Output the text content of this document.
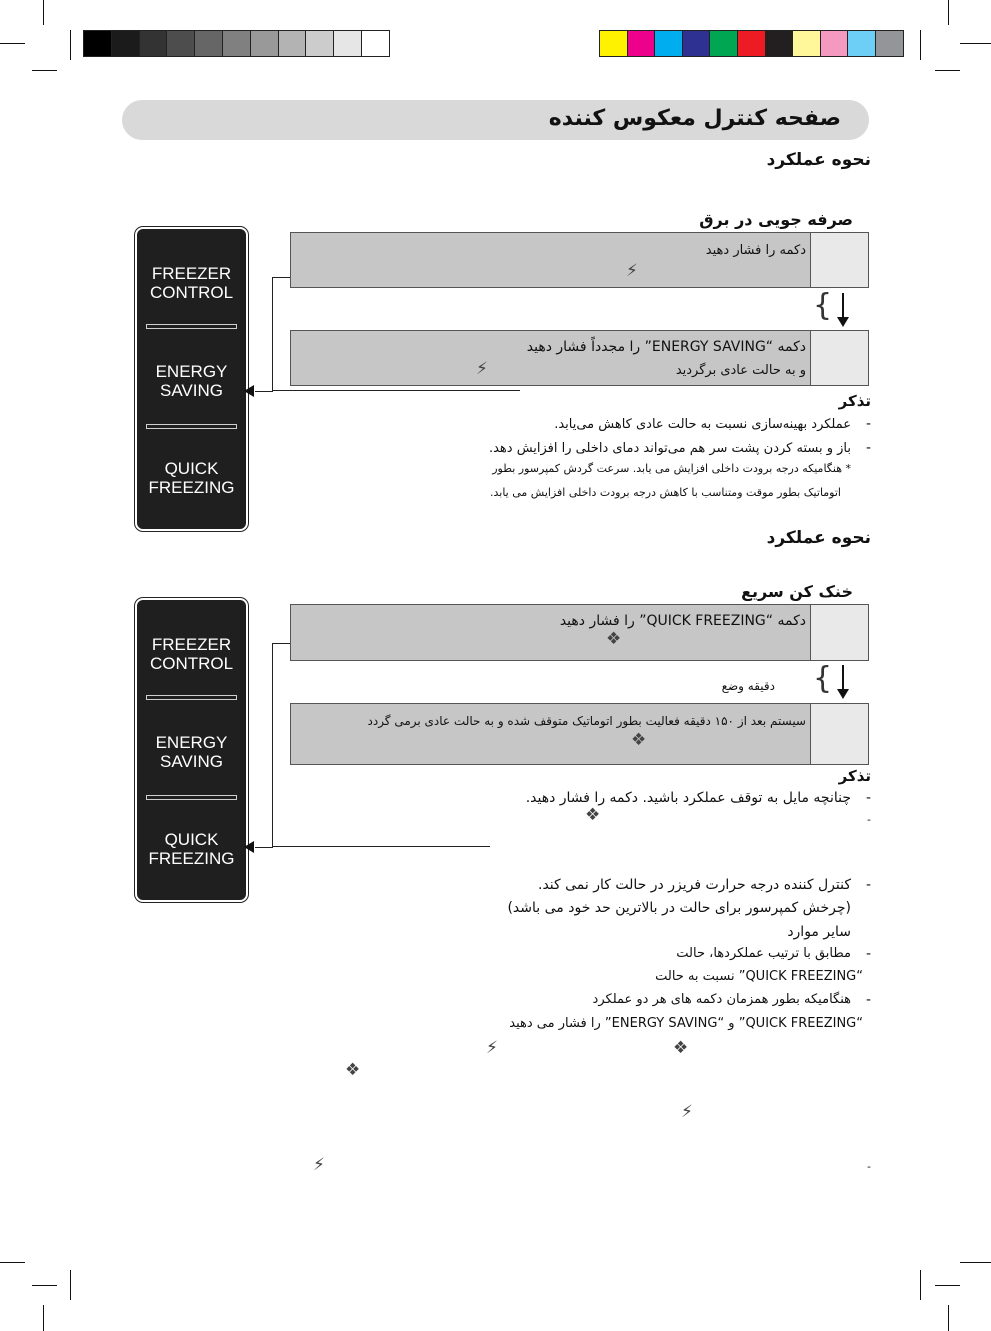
صفحه کنترل معکوس کننده
نحوه عملکرد
صرفه جویی در برق
FREEZER
CONTROL
ENERGY
SAVING
QUICK
FREEZING
دکمه را فشار دهید
⚡
{
دکمه “ENERGY SAVING” را مجدداً فشار دهید
و به حالت عادی برگردید
⚡
تذکر
-
عملکرد بهینه‌سازی نسبت به حالت عادی کاهش می‌یابد.
-
باز و بسته کردن پشت سر هم می‌تواند دمای داخلی را افزایش دهد.
* هنگامیکه درجه برودت داخلی افزایش می یابد. سرعت گردش کمپرسور بطور
اتوماتیک بطور موقت ومتناسب با کاهش درجه برودت داخلی افزایش می یابد.
نحوه عملکرد
خنک کن سریع
FREEZER
CONTROL
ENERGY
SAVING
QUICK
FREEZING
دکمه “QUICK FREEZING” را فشار دهید
❖
{
دقیقه وضع
سیستم بعد از ۱۵۰ دقیقه فعالیت بطور اتوماتیک متوقف شده و به حالت عادی برمی گردد
❖
تذکر
-
چنانچه مایل به توقف عملکرد باشید. دکمه را فشار دهید.
❖	-
-
کنترل کننده درجه حرارت فریزر در حالت کار نمی کند.
(چرخش کمپرسور برای حالت در بالاترین حد خود می باشد)
سایر موارد
-
مطابق با ترتیب عملکردها، حالت
“QUICK FREEZING” نسبت به حالت
-
هنگامیکه بطور همزمان دکمه های هر دو عملکرد
“QUICK FREEZING” و “ENERGY SAVING” را فشار می دهید
⚡	❖
❖
⚡
⚡	-
